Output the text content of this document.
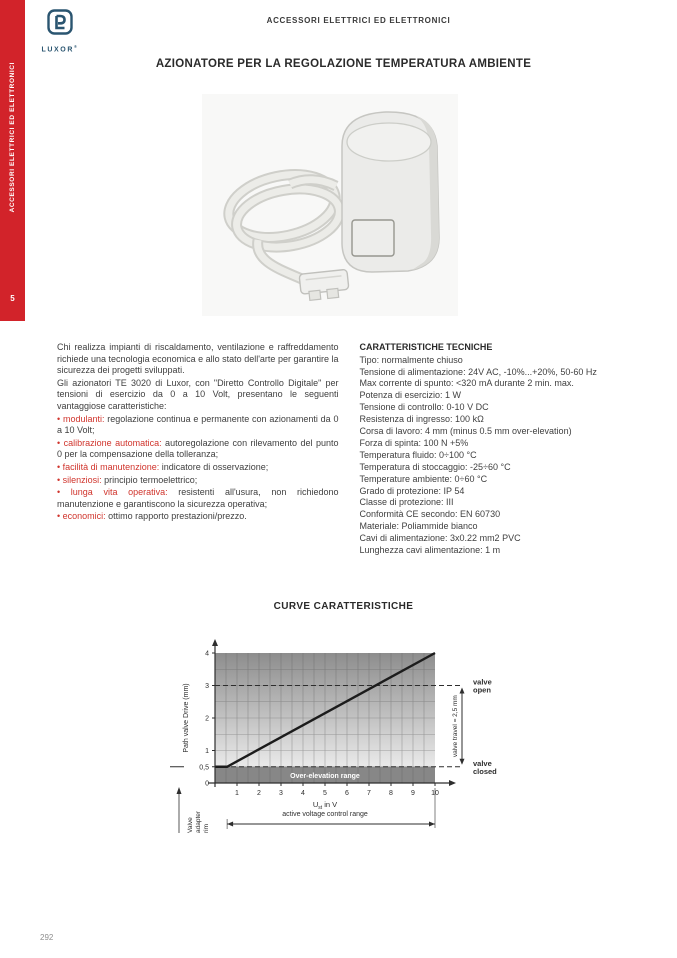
ACCESSORI ELETTRICI ED ELETTRONICI
5
LUXOR®
ACCESSORI ELETTRICI ED ELETTRONICI
AZIONATORE PER LA REGOLAZIONE TEMPERATURA AMBIENTE

Chi realizza impianti di riscaldamento, ventilazione e raffreddamento richiede una tecnologia economica e allo stato dell'arte per garantire la sicurezza dei progetti sviluppati.

Gli azionatori TE 3020 di Luxor, con "Diretto Controllo Digitale" per tensioni di esercizio da 0 a 10 Volt, presentano le seguenti vantaggiose caratteristiche:

• modulanti: regolazione continua e permanente con azionamenti da 0 a 10 Volt;

• calibrazione automatica: autoregolazione con rilevamento del punto 0 per la compensazione della tolleranza;

• facilità di manutenzione: indicatore di osservazione;

• silenziosi: principio termoelettrico;

• lunga vita operativa: resistenti all'usura, non richiedono manutenzione e garantiscono la sicurezza operativa;

• economici: ottimo rapporto prestazioni/prezzo.

CARATTERISTICHE TECNICHE

Tipo: normalmente chiuso
Tensione di alimentazione: 24V AC, -10%...+20%, 50-60 Hz
Max corrente di spunto: <320 mA durante 2 min. max.
Potenza di esercizio: 1 W
Tensione di controllo: 0-10 V DC
Resistenza di ingresso: 100 kΩ
Corsa di lavoro: 4 mm (minus 0.5 mm over-elevation)
Forza di spinta: 100 N +5%
Temperatura fluido: 0÷100 °C
Temperatura di stoccaggio: -25÷60 °C
Temperature ambiente: 0÷60 °C
Grado di protezione: IP 54
Classe di protezione: III
Conformità CE secondo: EN 60730
Materiale: Poliammide bianco
Cavi di alimentazione: 3x0.22 mm2 PVC
Lunghezza cavi alimentazione: 1 m
CURVE CARATTERISTICHE
valve open
valve closed
Over-elevation range
0
0,5
1
2
3
4
1	2	3	4	5	6	7	8	9 10
Path valve Drive (mm)
$U_{st}$ in V
active voltage control range
valve travel = 2,5 mm
Valve adapter rim
292
